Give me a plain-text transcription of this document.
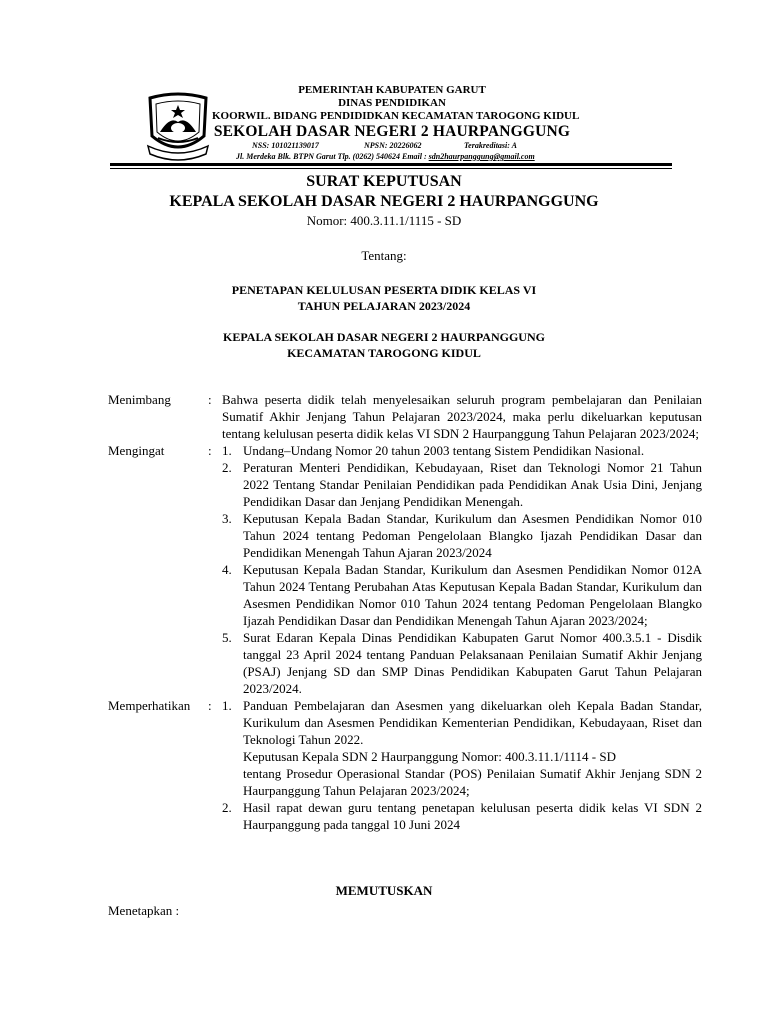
PEMERINTAH KABUPATEN GARUT
DINAS PENDIDIKAN
KOORWIL. BIDANG PENDIDIDKAN KECAMATAN TAROGONG KIDUL
SEKOLAH DASAR NEGERI 2 HAURPANGGUNG
NSS: 101021139017	NPSN: 20226062	Terakreditasi: A
Jl. Merdeka Blk. BTPN Garut Tlp. (0262) 540624 Email : sdn2haurpanggung@gmail.com
SURAT KEPUTUSAN
KEPALA SEKOLAH DASAR NEGERI 2 HAURPANGGUNG
Nomor: 400.3.11.1/1115 - SD
Tentang:
PENETAPAN KELULUSAN PESERTA DIDIK KELAS VI
TAHUN PELAJARAN 2023/2024
KEPALA SEKOLAH DASAR NEGERI 2 HAURPANGGUNG
KECAMATAN TAROGONG KIDUL
Menimbang	: Bahwa peserta didik telah menyelesaikan seluruh program pembelajaran dan Penilaian Sumatif Akhir Jenjang Tahun Pelajaran 2023/2024, maka perlu dikeluarkan keputusan tentang kelulusan peserta didik kelas VI SDN 2 Haurpanggung Tahun Pelajaran 2023/2024;
Mengingat	: 1. Undang–Undang Nomor 20 tahun 2003 tentang Sistem Pendidikan Nasional.
2. Peraturan Menteri Pendidikan, Kebudayaan, Riset dan Teknologi Nomor 21 Tahun 2022 Tentang Standar Penilaian Pendidikan pada Pendidikan Anak Usia Dini, Jenjang Pendidikan Dasar dan Jenjang Pendidikan Menengah.
3. Keputusan Kepala Badan Standar, Kurikulum dan Asesmen Pendidikan Nomor 010 Tahun 2024 tentang Pedoman Pengelolaan Blangko Ijazah Pendidikan Dasar dan Pendidikan Menengah Tahun Ajaran 2023/2024
4. Keputusan Kepala Badan Standar, Kurikulum dan Asesmen Pendidikan Nomor 012A Tahun 2024 Tentang Perubahan Atas Keputusan Kepala Badan Standar, Kurikulum dan Asesmen Pendidikan Nomor 010 Tahun 2024 tentang Pedoman Pengelolaan Blangko Ijazah Pendidikan Dasar dan Pendidikan Menengah Tahun Ajaran 2023/2024;
5. Surat Edaran Kepala Dinas Pendidikan Kabupaten Garut Nomor 400.3.5.1 - Disdik tanggal 23 April 2024 tentang Panduan Pelaksanaan Penilaian Sumatif Akhir Jenjang (PSAJ) Jenjang SD dan SMP Dinas Pendidikan Kabupaten Garut Tahun Pelajaran 2023/2024.
Memperhatikan : 1. Panduan Pembelajaran dan Asesmen yang dikeluarkan oleh Kepala Badan Standar, Kurikulum dan Asesmen Pendidikan Kementerian Pendidikan, Kebudayaan, Riset dan Teknologi Tahun 2022.
Keputusan Kepala SDN 2 Haurpanggung Nomor: 400.3.11.1/1114 - SD
tentang Prosedur Operasional Standar (POS) Penilaian Sumatif Akhir Jenjang SDN 2 Haurpanggung Tahun Pelajaran 2023/2024;
2. Hasil rapat dewan guru tentang penetapan kelulusan peserta didik kelas VI SDN 2 Haurpanggung pada tanggal 10 Juni 2024
MEMUTUSKAN
Menetapkan :
